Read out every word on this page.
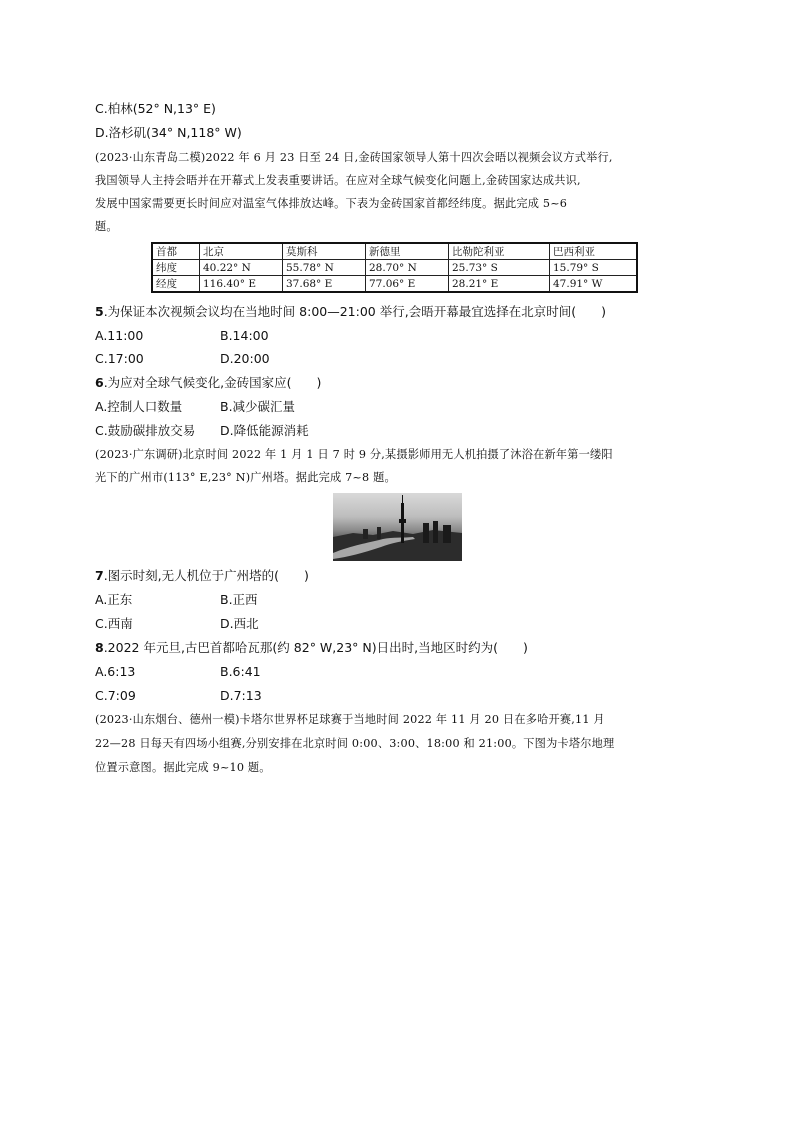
C.柏林(52° N,13° E)
D.洛杉矶(34° N,118° W)
(2023·山东青岛二模)2022 年 6 月 23 日至 24 日,金砖国家领导人第十四次会晤以视频会议方式举行,
我国领导人主持会晤并在开幕式上发表重要讲话。在应对全球气候变化问题上,金砖国家达成共识,
发展中国家需要更长时间应对温室气体排放达峰。下表为金砖国家首都经纬度。据此完成 5~6
题。
首都	北京	莫斯科	新德里	比勒陀利亚	巴西利亚
纬度	40.22° N	55.78° N	28.70° N	25.73° S	15.79° S
经度	116.40° E	37.68° E	77.06° E	28.21° E	47.91° W
5.为保证本次视频会议均在当地时间 8:00—21:00 举行,会晤开幕最宜选择在北京时间(　　)
A.11:00	B.14:00
C.17:00	D.20:00
6.为应对全球气候变化,金砖国家应(　　)
A.控制人口数量	B.减少碳汇量
C.鼓励碳排放交易 D.降低能源消耗
(2023·广东调研)北京时间 2022 年 1 月 1 日 7 时 9 分,某摄影师用无人机拍摄了沐浴在新年第一缕阳
光下的广州市(113° E,23° N)广州塔。据此完成 7~8 题。
7.图示时刻,无人机位于广州塔的(　　)
A.正东	B.正西
C.西南	D.西北
8.2022 年元旦,古巴首都哈瓦那(约 82° W,23° N)日出时,当地区时约为(　　)
A.6:13	B.6:41
C.7:09	D.7:13
(2023·山东烟台、德州一模)卡塔尔世界杯足球赛于当地时间 2022 年 11 月 20 日在多哈开赛,11 月
22—28 日每天有四场小组赛,分别安排在北京时间 0:00、3:00、18:00 和 21:00。下图为卡塔尔地理
位置示意图。据此完成 9~10 题。
